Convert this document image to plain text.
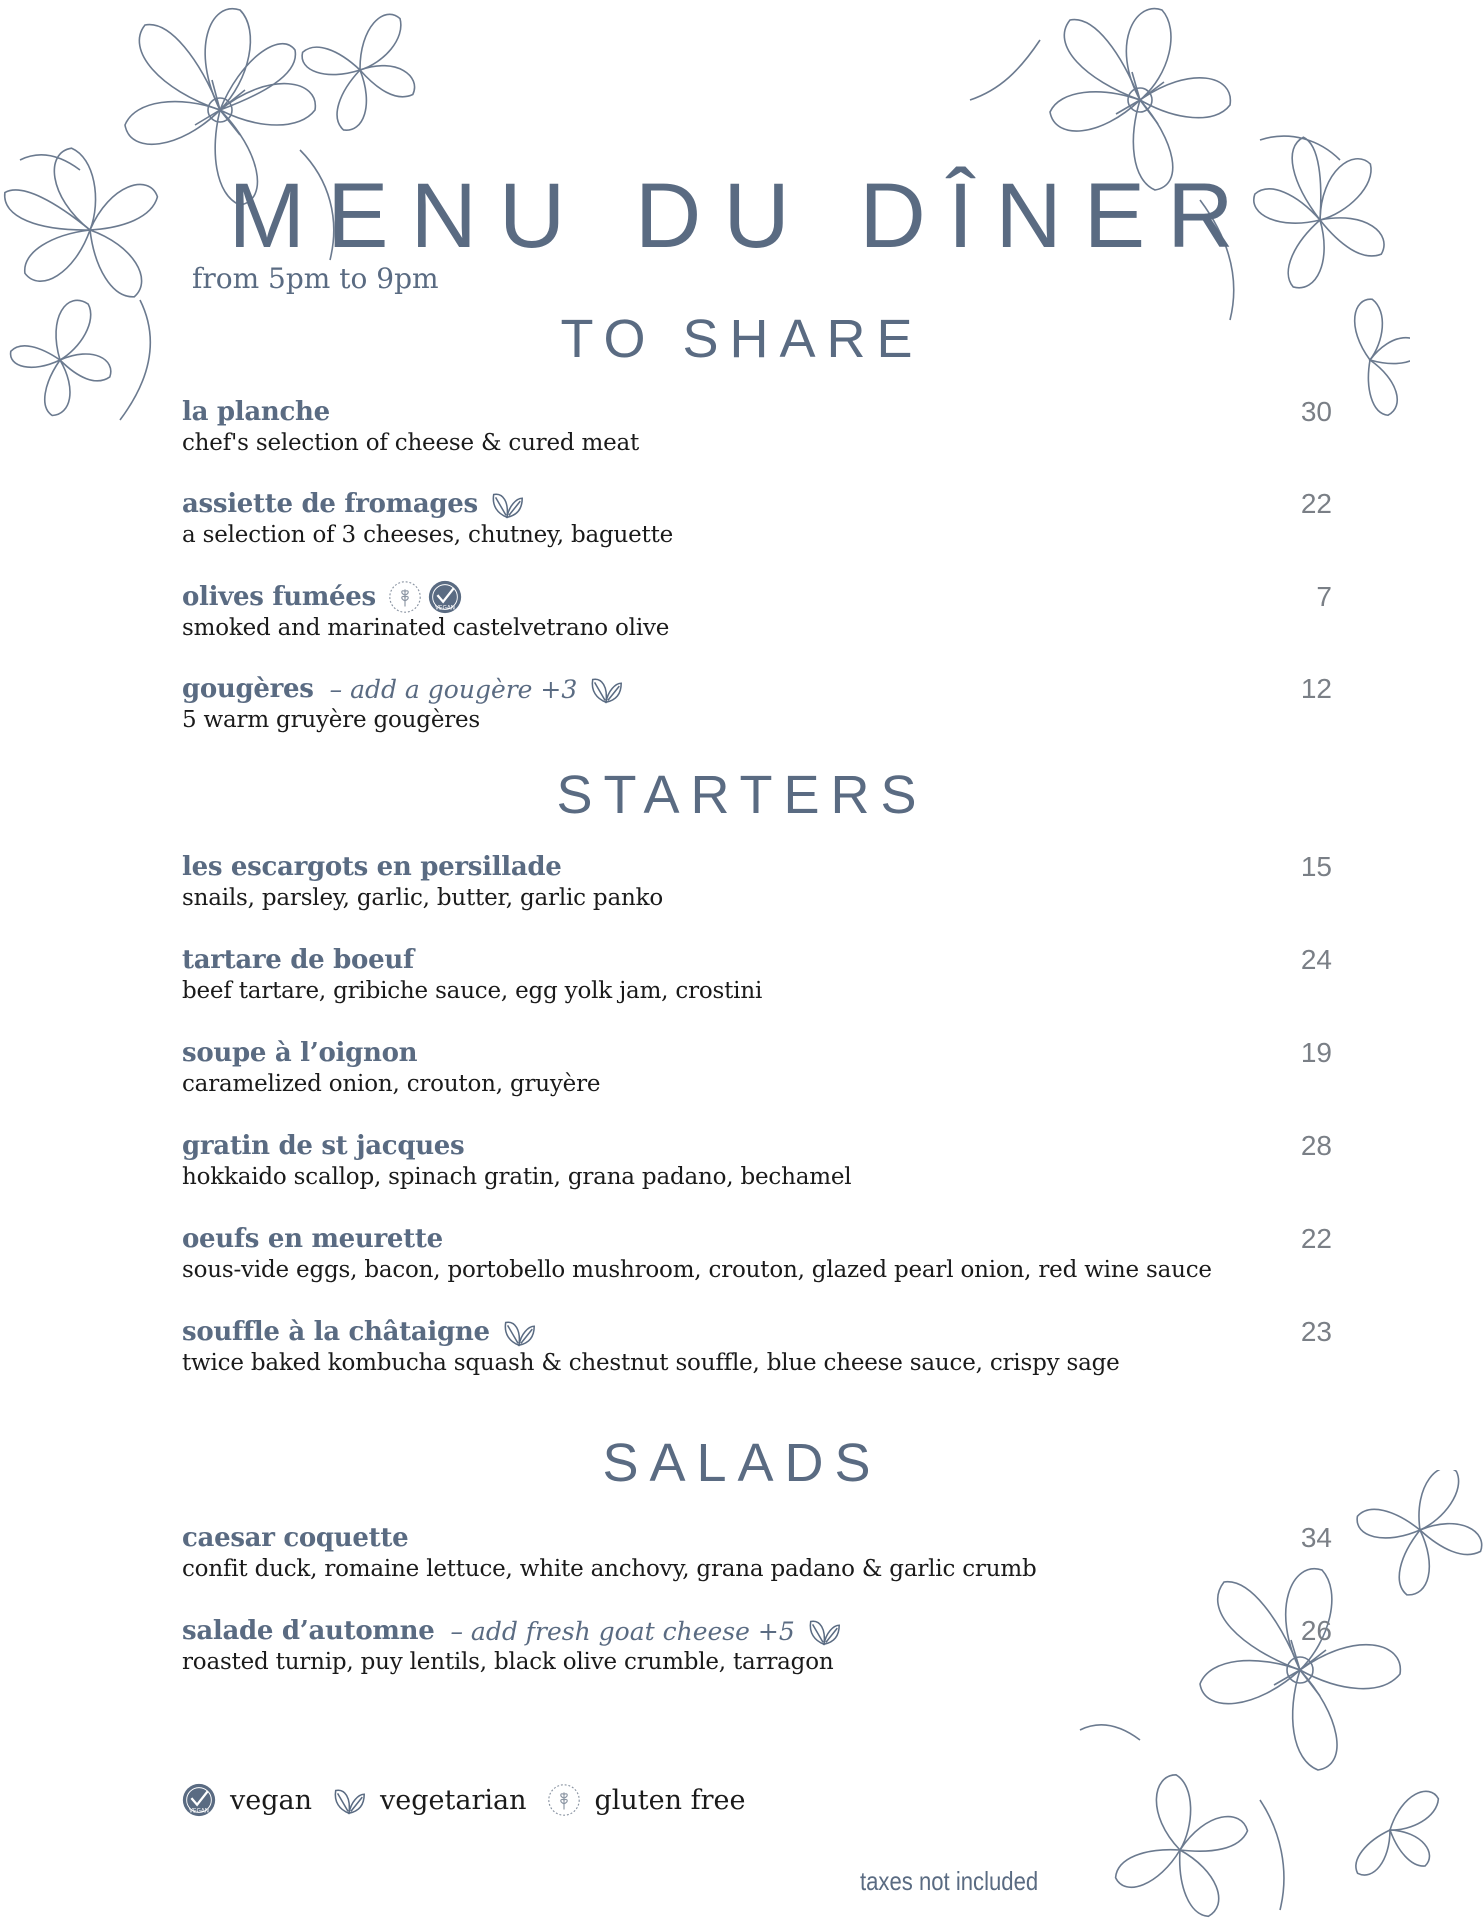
MENU DU DÎNER
from 5pm to 9pm
TO SHARE
la planche
chef's selection of cheese & cured meat
30
assiette de fromages
a selection of 3 cheeses, chutney, baguette
22
olives fumées	VEGAN
smoked and marinated castelvetrano olive
7
gougères – add a gougère +3
5 warm gruyère gougères
12
STARTERS
les escargots en persillade
snails, parsley, garlic, butter, garlic panko
15
tartare de boeuf
beef tartare, gribiche sauce, egg yolk jam, crostini
24
soupe à l’oignon
caramelized onion, crouton, gruyère
19
gratin de st jacques
hokkaido scallop, spinach gratin, grana padano, bechamel
28
oeufs en meurette
sous-vide eggs, bacon, portobello mushroom, crouton, glazed pearl onion, red wine sauce
22
souffle à la châtaigne
twice baked kombucha squash & chestnut souffle, blue cheese sauce, crispy sage
23
SALADS
caesar coquette
confit duck, romaine lettuce, white anchovy, grana padano & garlic crumb
34
salade d’automne – add fresh goat cheese +5
roasted turnip, puy lentils, black olive crumble, tarragon
26
VEGAN vegan	vegetarian	gluten free
taxes not included
